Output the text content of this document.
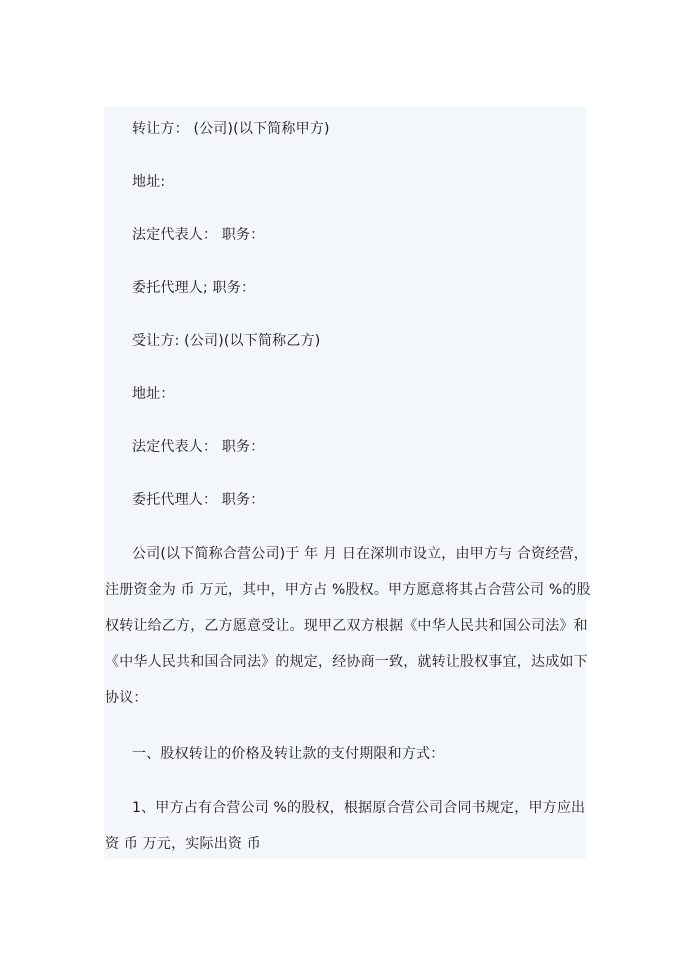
转让方： (公司)(以下简称甲方)
地址:
法定代表人： 职务：
委托代理人; 职务：
受让方: (公司)(以下简称乙方)
地址：
法定代表人： 职务：
委托代理人： 职务：
公司(以下简称合营公司)于 年 月 日在深圳市设立，由甲方与 合资经营，
注册资金为 币 万元，其中，甲方占 %股权。甲方愿意将其占合营公司 %的股
权转让给乙方，乙方愿意受让。现甲乙双方根据《中华人民共和国公司法》和
《中华人民共和国合同法》的规定，经协商一致，就转让股权事宜，达成如下
协议：
一、股权转让的价格及转让款的支付期限和方式：
1、甲方占有合营公司 %的股权，根据原合营公司合同书规定，甲方应出
资 币 万元，实际出资 币
